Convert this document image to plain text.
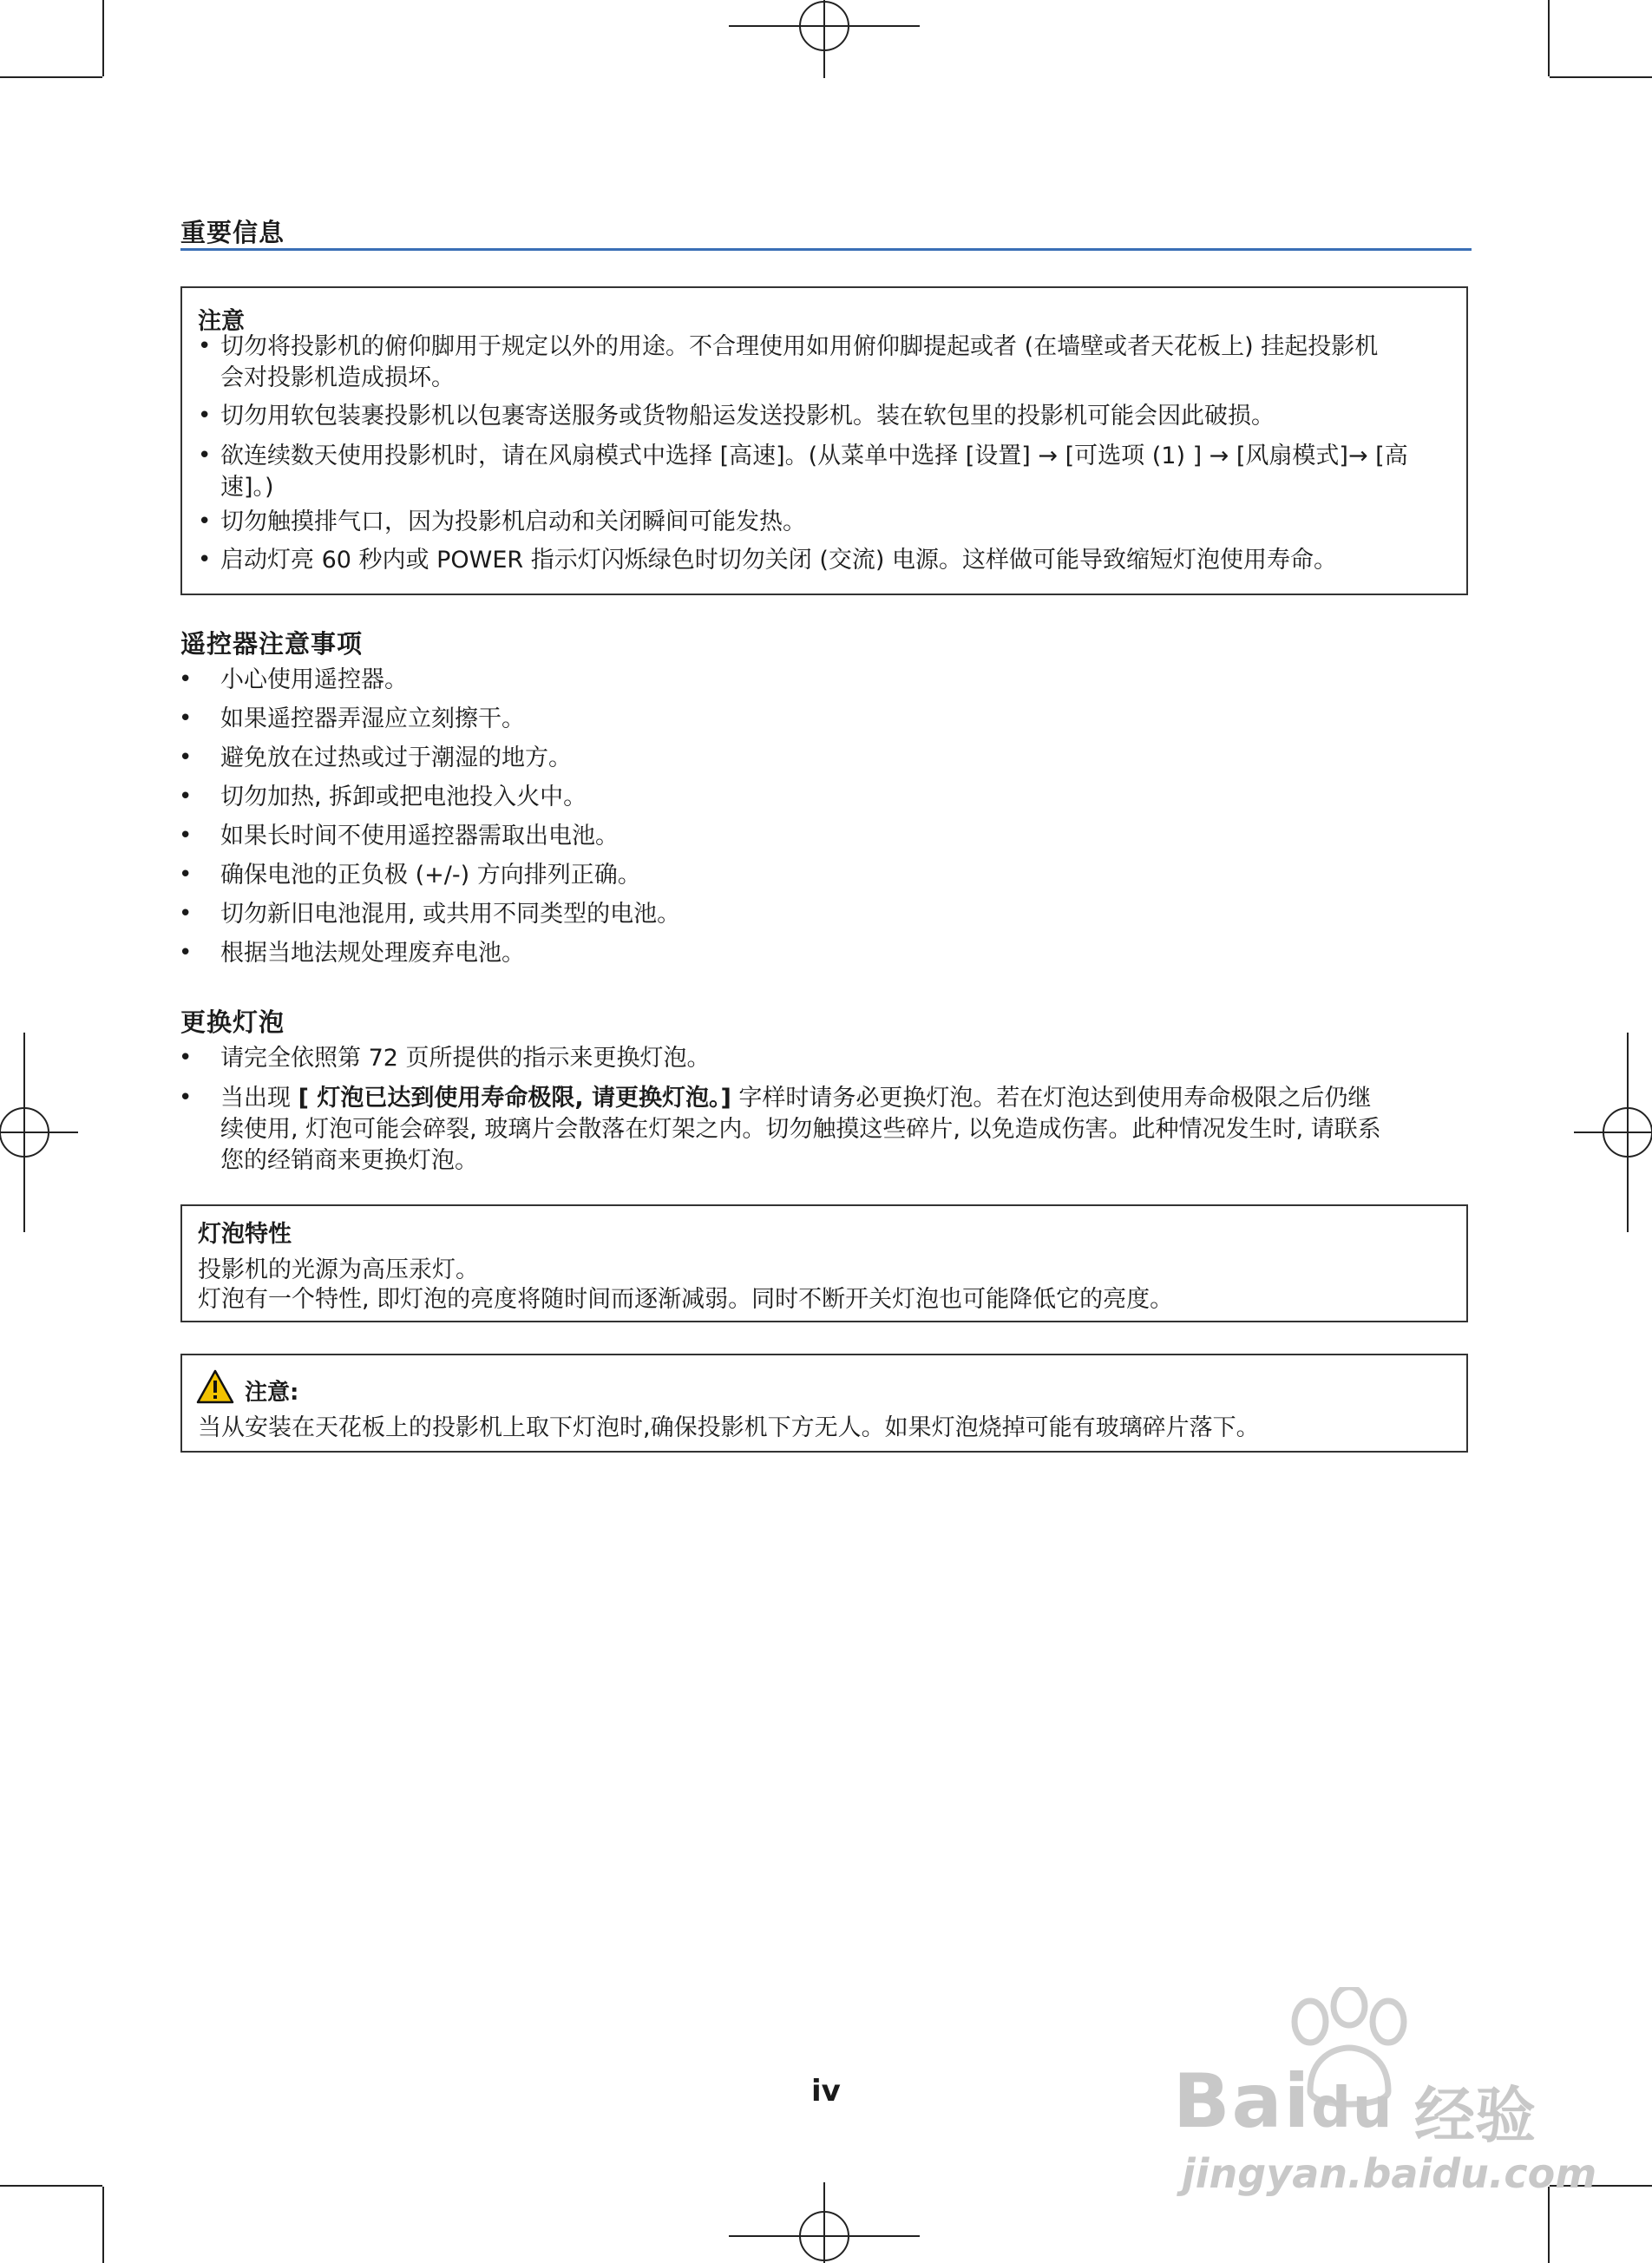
重要信息
注意
• 切勿将投影机的俯仰脚用于规定以外的用途。不合理使用如用俯仰脚提起或者 (在墙壁或者天花板上) 挂起投影机
会对投影机造成损坏。
• 切勿用软包装裹投影机以包裹寄送服务或货物船运发送投影机。装在软包里的投影机可能会因此破损。
• 欲连续数天使用投影机时，请在风扇模式中选择 [高速]。(从菜单中选择 [设置] → [可选项 (1) ] → [风扇模式]→ [高
速]。)
• 切勿触摸排气口，因为投影机启动和关闭瞬间可能发热。
• 启动灯亮 60 秒内或 POWER 指示灯闪烁绿色时切勿关闭 (交流) 电源。这样做可能导致缩短灯泡使用寿命。
遥控器注意事项
• 小心使用遥控器。
• 如果遥控器弄湿应立刻擦干。
• 避免放在过热或过于潮湿的地方。
• 切勿加热, 拆卸或把电池投入火中。
• 如果长时间不使用遥控器需取出电池。
• 确保电池的正负极 (+/-) 方向排列正确。
• 切勿新旧电池混用, 或共用不同类型的电池。
• 根据当地法规处理废弃电池。
更换灯泡
• 请完全依照第 72 页所提供的指示来更换灯泡。
• 当出现 [ 灯泡已达到使用寿命极限, 请更换灯泡。] 字样时请务必更换灯泡。若在灯泡达到使用寿命极限之后仍继
续使用, 灯泡可能会碎裂, 玻璃片会散落在灯架之内。切勿触摸这些碎片, 以免造成伤害。此种情况发生时, 请联系
您的经销商来更换灯泡。
灯泡特性
投影机的光源为高压汞灯。
灯泡有一个特性, 即灯泡的亮度将随时间而逐渐减弱。同时不断开关灯泡也可能降低它的亮度。
注意:
当从安装在天花板上的投影机上取下灯泡时,确保投影机下方无人。如果灯泡烧掉可能有玻璃碎片落下。
iv	Baidu 经验
jingyan.baidu.com
